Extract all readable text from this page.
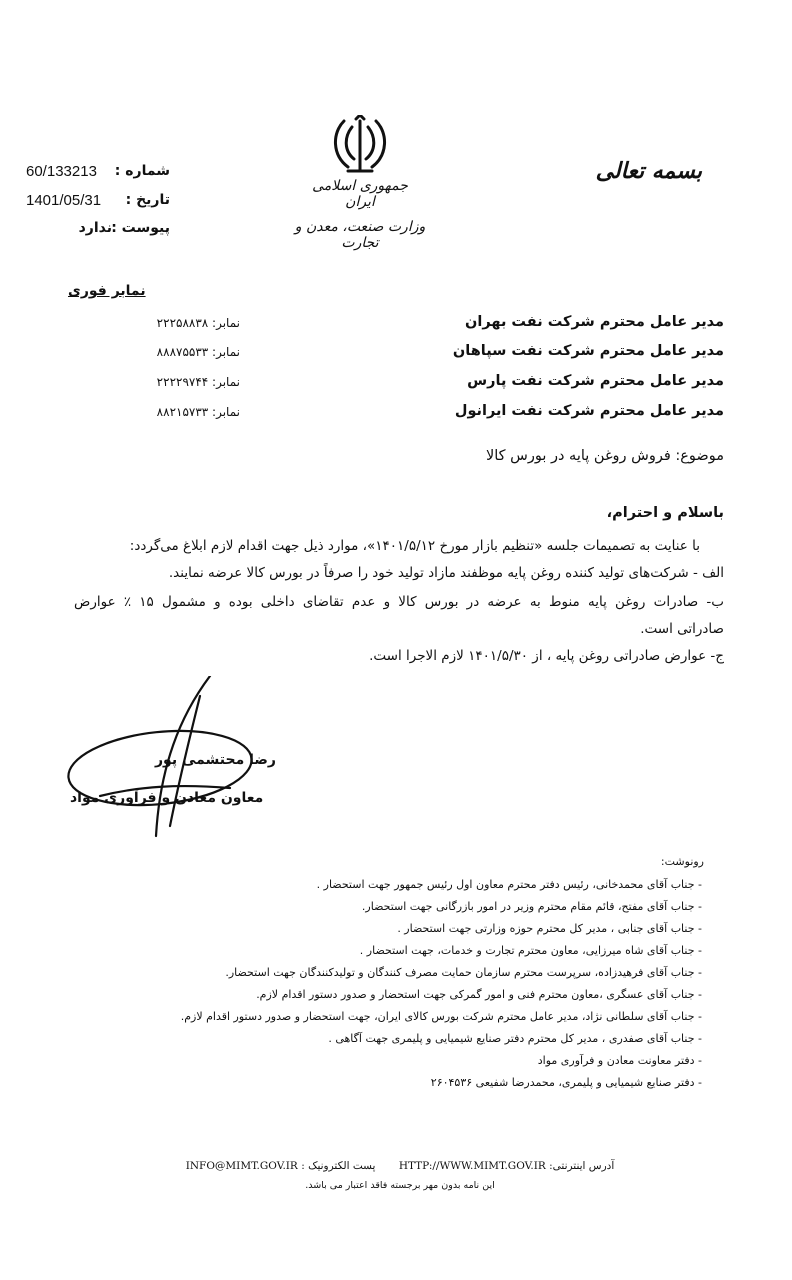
بسمه تعالی
جمهوری اسلامی ایران
وزارت صنعت، معدن و تجارت
شماره :
60/133213
تاریخ :
1401/05/31
پیوست :
ندارد
نمابر فوری
مدیر عامل محترم شرکت نفت بهران
نمابر: ۲۲۲۵۸۸۳۸
مدیر عامل محترم شرکت نفت سپاهان
نمابر: ۸۸۸۷۵۵۳۳
مدیر عامل محترم شرکت نفت پارس
نمابر: ۲۲۲۲۹۷۴۴
مدیر عامل محترم شرکت نفت ایرانول
نمابر: ۸۸۲۱۵۷۳۳
موضوع: فروش روغن پایه در بورس کالا
باسلام و احترام،
با عنایت به تصمیمات جلسه «تنظیم بازار مورخ ۱۴۰۱/۵/۱۲»، موارد ذیل جهت اقدام لازم ابلاغ می‌گردد:
الف - شرکت‌های تولید کننده روغن پایه موظفند مازاد تولید خود را صرفاً در بورس کالا عرضه نمایند.
ب- صادرات روغن پایه منوط به عرضه در بورس کالا و عدم تقاضای داخلی بوده و مشمول ۱۵ ٪ عوارض
صادراتی است.
ج- عوارض صادراتی روغن پایه ، از ۱۴۰۱/۵/۳۰ لازم الاجرا است.
رضا محتشمی پور
معاون معادن و فرآوری مواد
رونوشت:
- جناب آقای محمدخانی، رئیس دفتر محترم معاون اول رئیس جمهور جهت استحضار .
- جناب آقای مفتح، قائم مقام محترم وزیر در امور بازرگانی جهت استحضار.
- جناب آقای جنابی ، مدیر کل محترم حوزه وزارتی جهت استحضار .
- جناب آقای شاه میرزایی، معاون محترم تجارت و خدمات، جهت استحضار .
- جناب آقای فرهیدزاده، سرپرست محترم سازمان حمایت مصرف کنندگان و تولیدکنندگان جهت استحضار.
- جناب آقای عسگری ،معاون محترم فنی و امور گمرکی جهت استحضار و صدور دستور اقدام لازم.
- جناب آقای سلطانی نژاد، مدیر عامل محترم شرکت بورس کالای ایران، جهت استحضار و صدور دستور اقدام لازم.
- جناب آقای صفدری ، مدیر کل محترم دفتر صنایع شیمیایی و پلیمری جهت آگاهی .
- دفتر معاونت معادن و فرآوری مواد
- دفتر صنایع شیمیایی و پلیمری، محمدرضا شفیعی ۲۶۰۴۵۳۶
آدرس اینترنتی: HTTP://WWW.MIMT.GOV.IR       پست الکترونیک : INFO@MIMT.GOV.IR
این نامه بدون مهر برجسته فاقد اعتبار می باشد.
